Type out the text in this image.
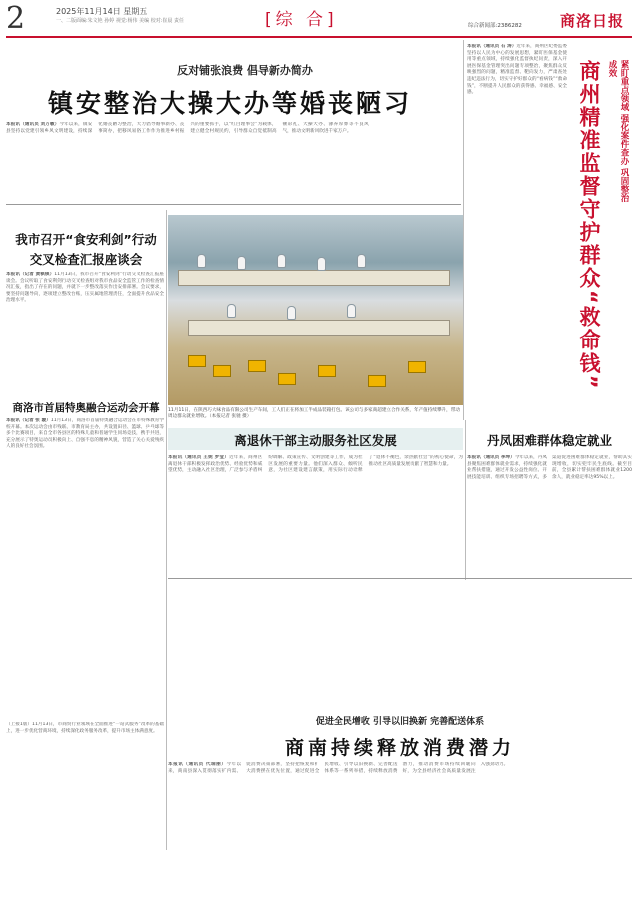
2	2025年11月14日 星期五
一、二版面编:朱文艳 孙婷 视觉:杨伟 美编 校对:崔晨 责任	[综 合]	综合新闻部:2386282	商洛日报
反对铺张浪费 倡导新办简办
镇安整治大操大办等婚丧陋习

本报讯（通讯员 刘万敏）今年以来，镇安县坚持以党建引领乡风文明建设，持续深化婚丧陋习整治，大力倡导婚事新办、丧事简办，把移风易俗工作作为推进乡村振兴的重要抓手，以“红白理事会”为载体，建立健全村规民约，引导群众自觉抵制高额彩礼、大操大办、薄养厚葬等不良风气，推动文明新风吹进千家万户。

我市召开“食安利剑”行动
交叉检查汇报座谈会

本报讯（记者 黄棋棋）11月13日，我市召开“食安利剑”行动交叉检查汇报座谈会。会议听取了食安利剑行动交叉检查组对我市食品安全监管工作的检查情况汇报，指出了存在的问题，并就下一步整改落实作出安排部署。会议要求，要坚持问题导向，逐项建立整改台账，压实属地管理责任，全面提升食品安全治理水平。

商洛市首届特奥融合运动会开幕

本报讯（记者 张 璇）11月13日，商洛市首届特奥融合运动会在市特殊教育学校开幕。本次运动会由市残联、市教育局主办，共设置田径、篮球、乒乓球等多个比赛项目，来自全市各县区的特殊儿童和普通学生同场竞技，携手共进，充分展示了特奥运动员积极向上、自强不息的精神风貌，营造了关心关爱残疾人的良好社会氛围。

（上接1版）11月13日，市商贸行业领域在全面推进“一站式服务”改革的基础上，进一步优化营商环境，持续深化政务服务改革，提升市场主体满意度。

11月11日，在陕西巧大味食品有限公司生产车间，工人们正在将加工半成品装箱打包。该公司与多家商超建立合作关系，年产值持续攀升，带动周边群众就业增收。（本报记者 张驰 摄）
离退休干部主动服务社区发展

本报讯（通讯员 王妮 罗莹）近年来，商州区离退休干部积极发挥政治优势、经验优势和威望优势，主动融入社区治理，广泛参与矛盾纠纷调解、政策宣传、文明创建等工作，成为社区发展的重要力量。他们深入群众、倾听民意，为社区建设建言献策，用实际行动诠释了“退休不褪色，余热献社会”的初心使命，为推动社区高质量发展贡献了智慧和力量。

丹凤困难群体稳定就业

本报讯（通讯员 李坤）今年以来，丹凤县聚焦困难群体就业需求，持续强化就业帮扶措施，通过开发公益性岗位、开展技能培训、组织专场招聘等方式，多渠道促进困难群体稳定就业，帮助其实现增收，切实兜牢民生底线。截至目前，全县累计帮扶困难群体就业1200余人，就业稳定率达95%以上。

紧盯重点领域 强化案件查办 巩固整治成效
商州精准监督守护群众“救命钱”

本报讯（通讯员 石 涛）近年来，商州区纪委监委坚持以人民为中心的发展思想，紧盯医保基金使用等重点领域，持续强化监督执纪问责，深入开展医保基金管理突出问题专项整治，聚焦群众反映强烈的问题，精准监督、靶向发力，严肃查处违纪违法行为，切实守护好群众的“看病钱”“救命钱”，不断提升人民群众的获得感、幸福感、安全感。

促进全民增收 引导以旧换新 完善配送体系
商南持续释放消费潜力

本报讯（通讯员 代瑞丽）今年以来，商南县深入贯彻落实扩内需、促消费决策部署，坚持把恢复和扩大消费摆在优先位置，通过促进全民增收、引导以旧换新、完善配送体系等一系列举措，持续释放消费潜力，推动消费市场持续回暖向好，为全县经济社会高质量发展注入强劲动力。
